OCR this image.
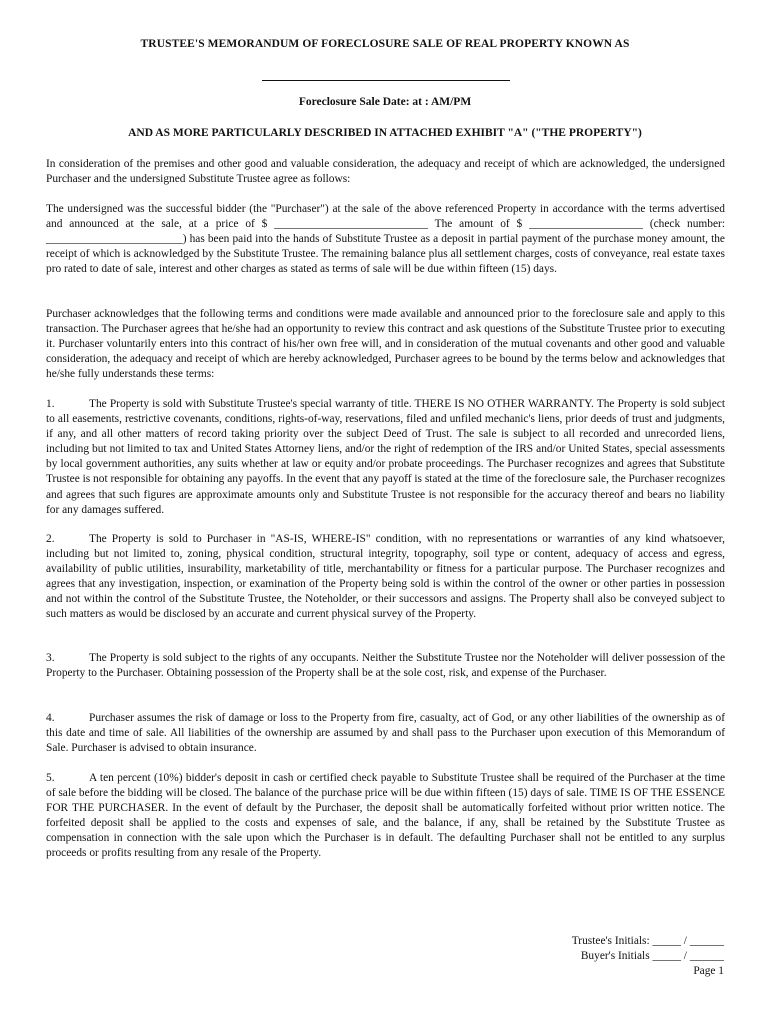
TRUSTEE'S MEMORANDUM OF FORECLOSURE SALE OF REAL PROPERTY KNOWN AS
Foreclosure Sale Date: at : AM/PM
AND AS MORE PARTICULARLY DESCRIBED IN ATTACHED EXHIBIT "A" ("THE PROPERTY")

In consideration of the premises and other good and valuable consideration, the adequacy and receipt of which are acknowledged, the undersigned Purchaser and the undersigned Substitute Trustee agree as follows:

The undersigned was the successful bidder (the "Purchaser") at the sale of the above referenced Property in accordance with the terms advertised and announced at the sale, at a price of $ ___________________________ The amount of $ ____________________ (check number: ________________________) has been paid into the hands of Substitute Trustee as a deposit in partial payment of the purchase money amount, the receipt of which is acknowledged by the Substitute Trustee. The remaining balance plus all settlement charges, costs of conveyance, real estate taxes pro rated to date of sale, interest and other charges as stated as terms of sale will be due within fifteen (15) days.

Purchaser acknowledges that the following terms and conditions were made available and announced prior to the foreclosure sale and apply to this transaction. The Purchaser agrees that he/she had an opportunity to review this contract and ask questions of the Substitute Trustee prior to executing it. Purchaser voluntarily enters into this contract of his/her own free will, and in consideration of the mutual covenants and other good and valuable consideration, the adequacy and receipt of which are hereby acknowledged, Purchaser agrees to be bound by the terms below and acknowledges that he/she fully understands these terms:

1.	The Property is sold with Substitute Trustee's special warranty of title. THERE IS NO OTHER WARRANTY. The Property is sold subject to all easements, restrictive covenants, conditions, rights-of-way, reservations, filed and unfiled mechanic's liens, prior deeds of trust and judgments, if any, and all other matters of record taking priority over the subject Deed of Trust. The sale is subject to all recorded and unrecorded liens, including but not limited to tax and United States Attorney liens, and/or the right of redemption of the IRS and/or United States, special assessments by local government authorities, any suits whether at law or equity and/or probate proceedings. The Purchaser recognizes and agrees that Substitute Trustee is not responsible for obtaining any payoffs. In the event that any payoff is stated at the time of the foreclosure sale, the Purchaser recognizes and agrees that such figures are approximate amounts only and Substitute Trustee is not responsible for the accuracy thereof and bears no liability for any damages suffered.

2.	The Property is sold to Purchaser in "AS-IS, WHERE-IS" condition, with no representations or warranties of any kind whatsoever, including but not limited to, zoning, physical condition, structural integrity, topography, soil type or content, adequacy of access and egress, availability of public utilities, insurability, marketability of title, merchantability or fitness for a particular purpose. The Purchaser recognizes and agrees that any investigation, inspection, or examination of the Property being sold is within the control of the owner or other parties in possession and not within the control of the Substitute Trustee, the Noteholder, or their successors and assigns. The Property shall also be conveyed subject to such matters as would be disclosed by an accurate and current physical survey of the Property.

3.	The Property is sold subject to the rights of any occupants. Neither the Substitute Trustee nor the Noteholder will deliver possession of the Property to the Purchaser. Obtaining possession of the Property shall be at the sole cost, risk, and expense of the Purchaser.

4.	Purchaser assumes the risk of damage or loss to the Property from fire, casualty, act of God, or any other liabilities of the ownership as of this date and time of sale. All liabilities of the ownership are assumed by and shall pass to the Purchaser upon execution of this Memorandum of Sale. Purchaser is advised to obtain insurance.

5.	A ten percent (10%) bidder's deposit in cash or certified check payable to Substitute Trustee shall be required of the Purchaser at the time of sale before the bidding will be closed. The balance of the purchase price will be due within fifteen (15) days of sale. TIME IS OF THE ESSENCE FOR THE PURCHASER. In the event of default by the Purchaser, the deposit shall be automatically forfeited without prior written notice. The forfeited deposit shall be applied to the costs and expenses of sale, and the balance, if any, shall be retained by the Substitute Trustee as compensation in connection with the sale upon which the Purchaser is in default. The defaulting Purchaser shall not be entitled to any surplus proceeds or profits resulting from any resale of the Property.

Trustee's Initials: _____ / ______
Buyer's Initials _____ / ______
Page 1
